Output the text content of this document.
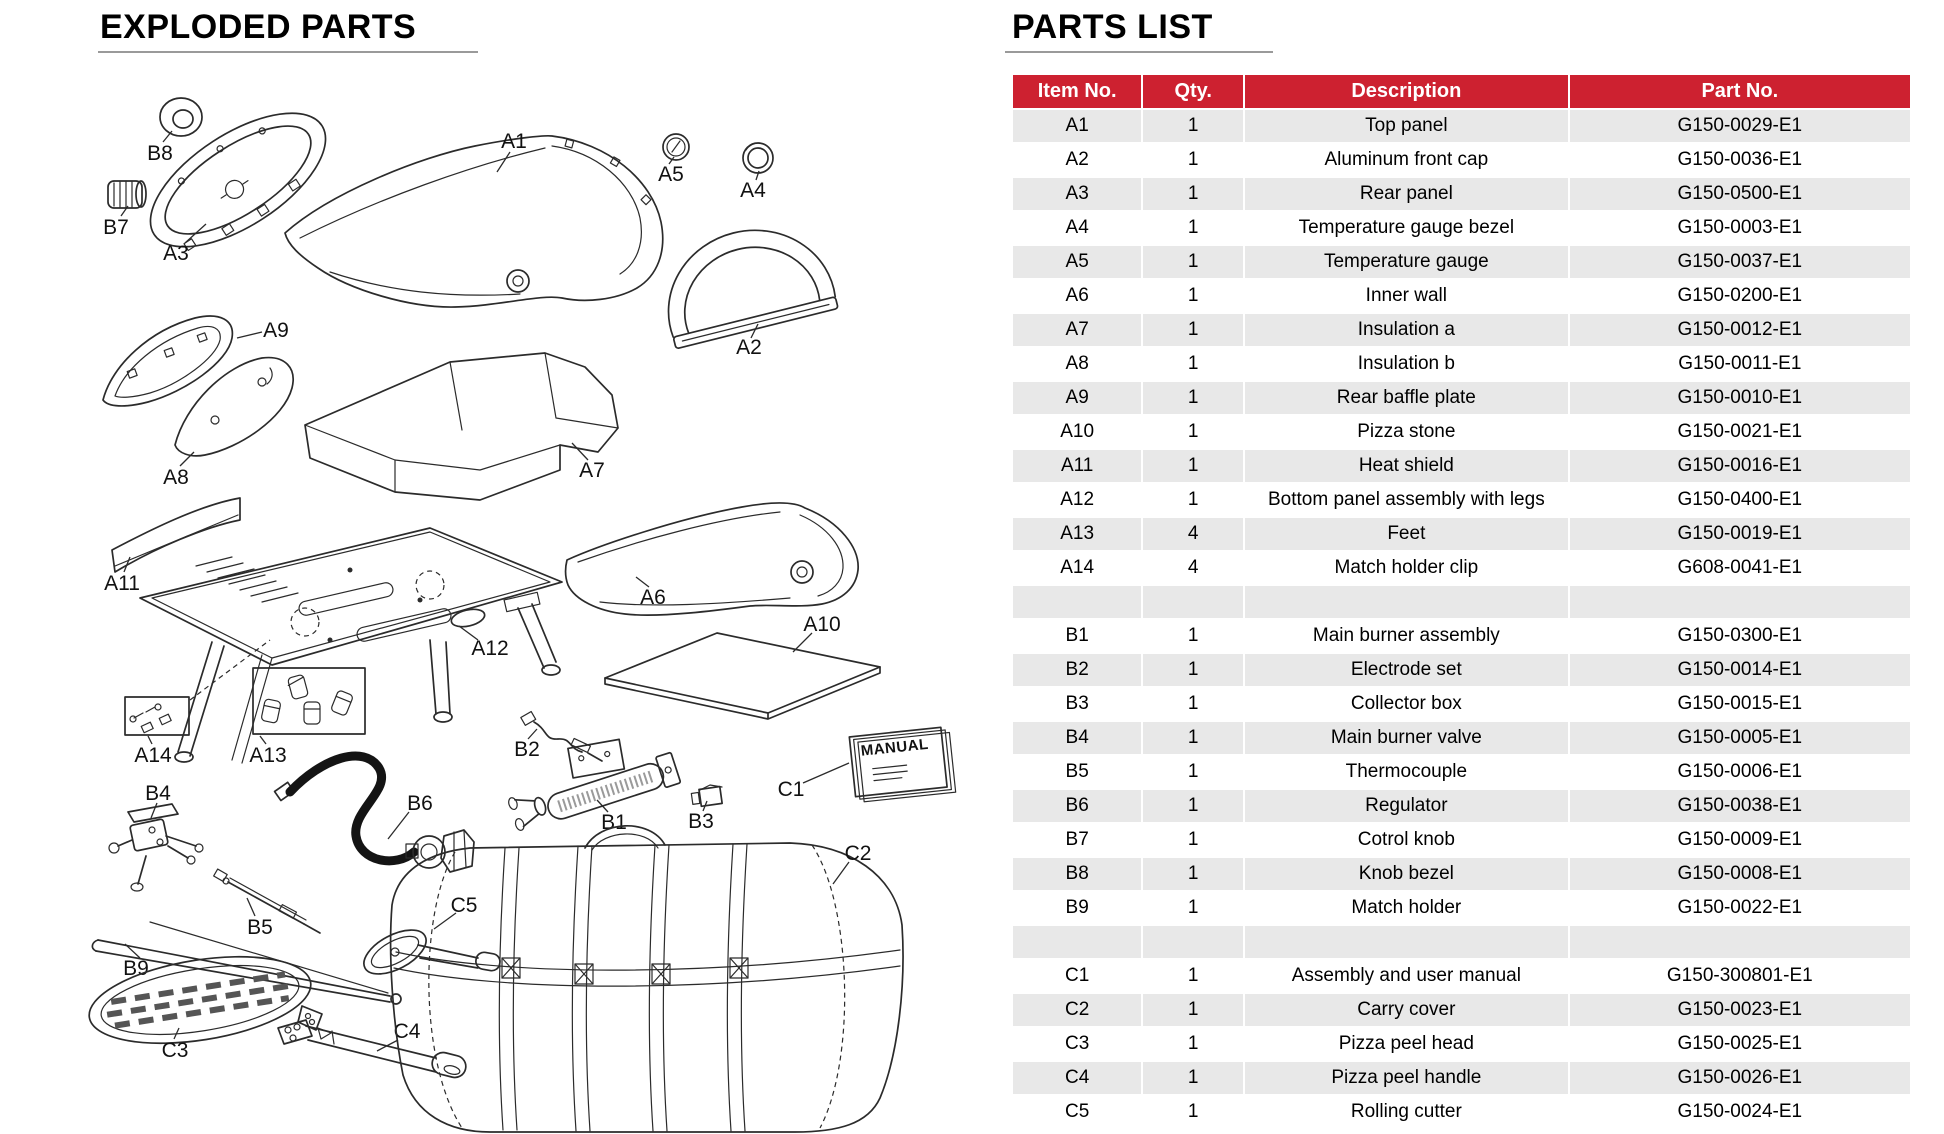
EXPLODED PARTS	PARTS LIST
B8
B7
A3
A1
A5
A4
A2
A9
A8	A7
A11
A12
A6
A10
A14	A13	B2
B4	B6
B5
B9
C5
C3
C4
B1	B3
MANUAL
C1
C2
Item No.	Qty.	Description	Part No.
A1	1	Top panel	G150-0029-E1
A2	1	Aluminum front cap	G150-0036-E1
A3	1	Rear panel	G150-0500-E1
A4	1	Temperature gauge bezel	G150-0003-E1
A5	1	Temperature gauge	G150-0037-E1
A6	1	Inner wall	G150-0200-E1
A7	1	Insulation a	G150-0012-E1
A8	1	Insulation b	G150-0011-E1
A9	1	Rear baffle plate	G150-0010-E1
A10	1	Pizza stone	G150-0021-E1
A11	1	Heat shield	G150-0016-E1
A12	1	Bottom panel assembly with legs	G150-0400-E1
A13	4	Feet	G150-0019-E1
A14	4	Match holder clip	G608-0041-E1

B1	1	Main burner assembly	G150-0300-E1
B2	1	Electrode set	G150-0014-E1
B3	1	Collector box	G150-0015-E1
B4	1	Main burner valve	G150-0005-E1
B5	1	Thermocouple	G150-0006-E1
B6	1	Regulator	G150-0038-E1
B7	1	Cotrol knob	G150-0009-E1
B8	1	Knob bezel	G150-0008-E1
B9	1	Match holder	G150-0022-E1

C1	1	Assembly and user manual	G150-300801-E1
C2	1	Carry cover	G150-0023-E1
C3	1	Pizza peel head	G150-0025-E1
C4	1	Pizza peel handle	G150-0026-E1
C5	1	Rolling cutter	G150-0024-E1
